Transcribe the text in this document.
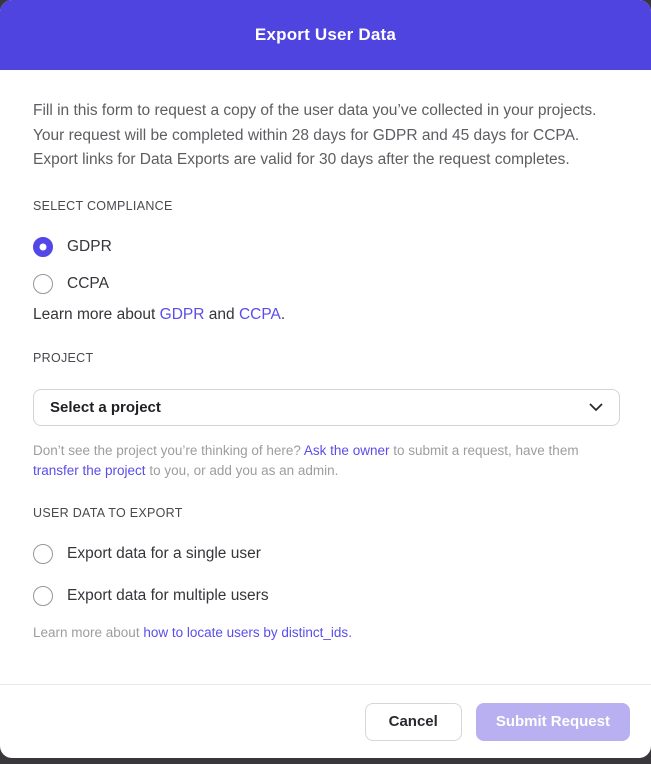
Export User Data

Fill in this form to request a copy of the user data you’ve collected in your projects. Your request will be completed within 28 days for GDPR and 45 days for CCPA. Export links for Data Exports are valid for 30 days after the request completes.

SELECT COMPLIANCE
GDPR
CCPA

Learn more about GDPR and CCPA.

PROJECT
Select a project

Don’t see the project you’re thinking of here? Ask the owner to submit a request, have them transfer the project to you, or add you as an admin.

USER DATA TO EXPORT
Export data for a single user
Export data for multiple users

Learn more about how to locate users by distinct_ids.

Cancel	Submit Request
